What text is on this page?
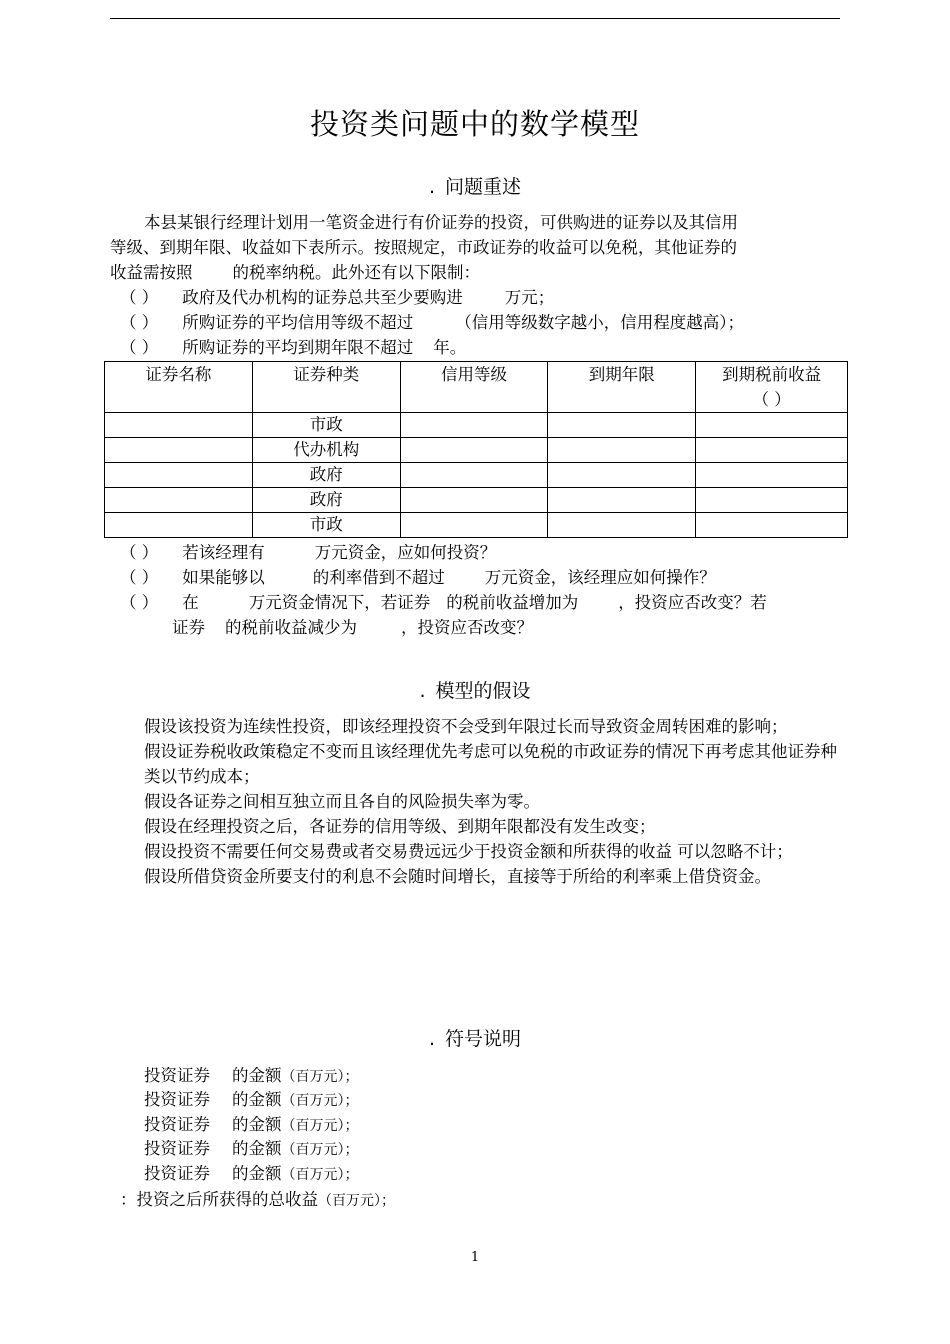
投资类问题中的数学模型
. 问题重述

本县某银行经理计划用一笔资金进行有价证券的投资，可供购进的证券以及其信用

等级、到期年限、收益如下表所示。按照规定，市政证券的收益可以免税，其他证券的

收益需按照 的税率纳税。此外还有以下限制：

（ ） 政府及代办机构的证券总共至少要购进	万元；
（ ） 所购证券的平均信用等级不超过	（信用等级数字越小，信用程度越高）；
（ ） 所购证券的平均到期年限不超过 年。
证券名称	证券种类	信用等级	到期年限	到期税前收益
（ ）

	市政			
	代办机构			
	政府			
	政府			
	市政			
（ ） 若该经理有	万元资金，应如何投资？
（ ） 如果能够以	的利率借到不超过 万元资金，该经理应如何操作？
（ ） 在	万元资金情况下，若证券 的税前收益增加为 ，投资应否改变？若
证券 的税前收益减少为	，投资应否改变？
. 模型的假设

假设该投资为连续性投资，即该经理投资不会受到年限过长而导致资金周转困难的影响；

假设证券税收政策稳定不变而且该经理优先考虑可以免税的市政证券的情况下再考虑其他证券种类以节约成本；

假设各证券之间相互独立而且各自的风险损失率为零。

假设在经理投资之后，各证券的信用等级、到期年限都没有发生改变；

假设投资不需要任何交易费或者交易费远远少于投资金额和所获得的收益 可以忽略不计；

假设所借贷资金所要支付的利息不会随时间增长，直接等于所给的利率乘上借贷资金。

. 符号说明
投资证券 的金额（百万元）；
投资证券 的金额（百万元）；
投资证券 的金额（百万元）；
投资证券 的金额（百万元）；
投资证券 的金额（百万元）；
：投资之后所获得的总收益（百万元）；
1
